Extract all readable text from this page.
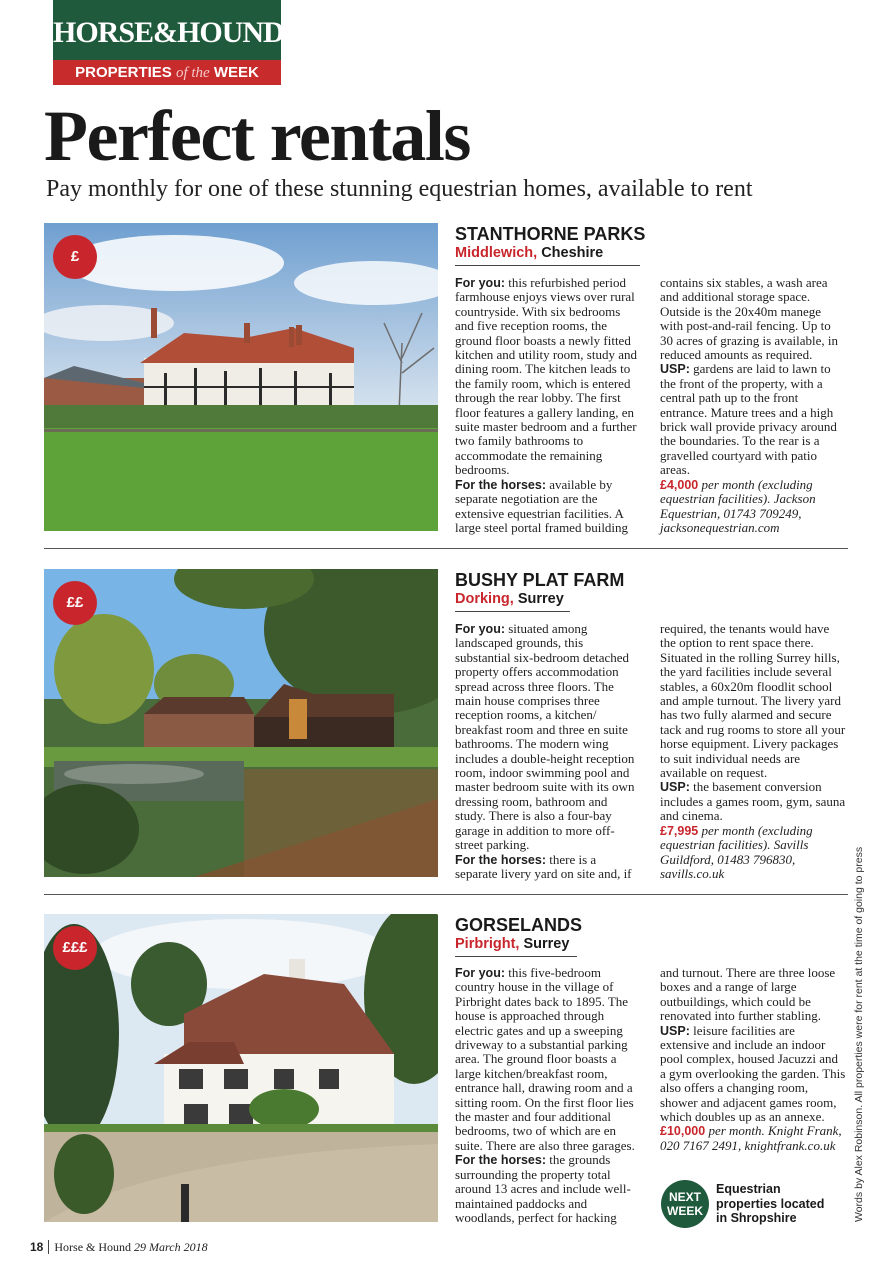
HORSE&HOUND
PROPERTIES of the WEEK
Perfect rentals
Pay monthly for one of these stunning equestrian homes, available to rent
£
STANTHORNE PARKS
Middlewich, Cheshire

For you: this refurbished period farmhouse enjoys views over rural countryside. With six bedrooms and five reception rooms, the ground floor boasts a newly fitted kitchen and utility room, study and dining room. The kitchen leads to the family room, which is entered through the rear lobby. The first floor features a gallery landing, en suite master bedroom and a further two family bathrooms to accommodate the remaining bedrooms.

For the horses: available by separate negotiation are the extensive equestrian facilities. A large steel portal framed building

contains six stables, a wash area and additional storage space. Outside is the 20x40m manege with post-and-rail fencing. Up to 30 acres of grazing is available, in reduced amounts as required.

USP: gardens are laid to lawn to the front of the property, with a central path up to the front entrance. Mature trees and a high brick wall provide privacy around the boundaries. To the rear is a gravelled courtyard with patio areas.

£4,000 per month (excluding equestrian facilities). Jackson Equestrian, 01743 709249, jacksonequestrian.com

££
BUSHY PLAT FARM
Dorking, Surrey

For you: situated among landscaped grounds, this substantial six-bedroom detached property offers accommodation spread across three floors. The main house comprises three reception rooms, a kitchen/ breakfast room and three en suite bathrooms. The modern wing includes a double-height reception room, indoor swimming pool and master bedroom suite with its own dressing room, bathroom and study. There is also a four-bay garage in addition to more off-street parking.

For the horses: there is a separate livery yard on site and, if

required, the tenants would have the option to rent space there. Situated in the rolling Surrey hills, the yard facilities include several stables, a 60x20m floodlit school and ample turnout. The livery yard has two fully alarmed and secure tack and rug rooms to store all your horse equipment. Livery packages to suit individual needs are available on request.

USP: the basement conversion includes a games room, gym, sauna and cinema.

£7,995 per month (excluding equestrian facilities). Savills Guildford, 01483 796830, savills.co.uk

£££
GORSELANDS
Pirbright, Surrey

For you: this five-bedroom country house in the village of Pirbright dates back to 1895. The house is approached through electric gates and up a sweeping driveway to a substantial parking area. The ground floor boasts a large kitchen/breakfast room, entrance hall, drawing room and a sitting room. On the first floor lies the master and four additional bedrooms, two of which are en suite. There are also three garages.

For the horses: the grounds surrounding the property total around 13 acres and include well-maintained paddocks and woodlands, perfect for hacking

and turnout. There are three loose boxes and a range of large outbuildings, which could be renovated into further stabling.

USP: leisure facilities are extensive and include an indoor pool complex, housed Jacuzzi and a gym overlooking the garden. This also offers a changing room, shower and adjacent games room, which doubles up as an annexe.

£10,000 per month. Knight Frank, 020 7167 2491, knightfrank.co.uk

NEXT
WEEK
Equestrian properties located in Shropshire	Words by Alex Robinson. All properties were for rent at the time of going to press
18 Horse & Hound 29 March 2018
